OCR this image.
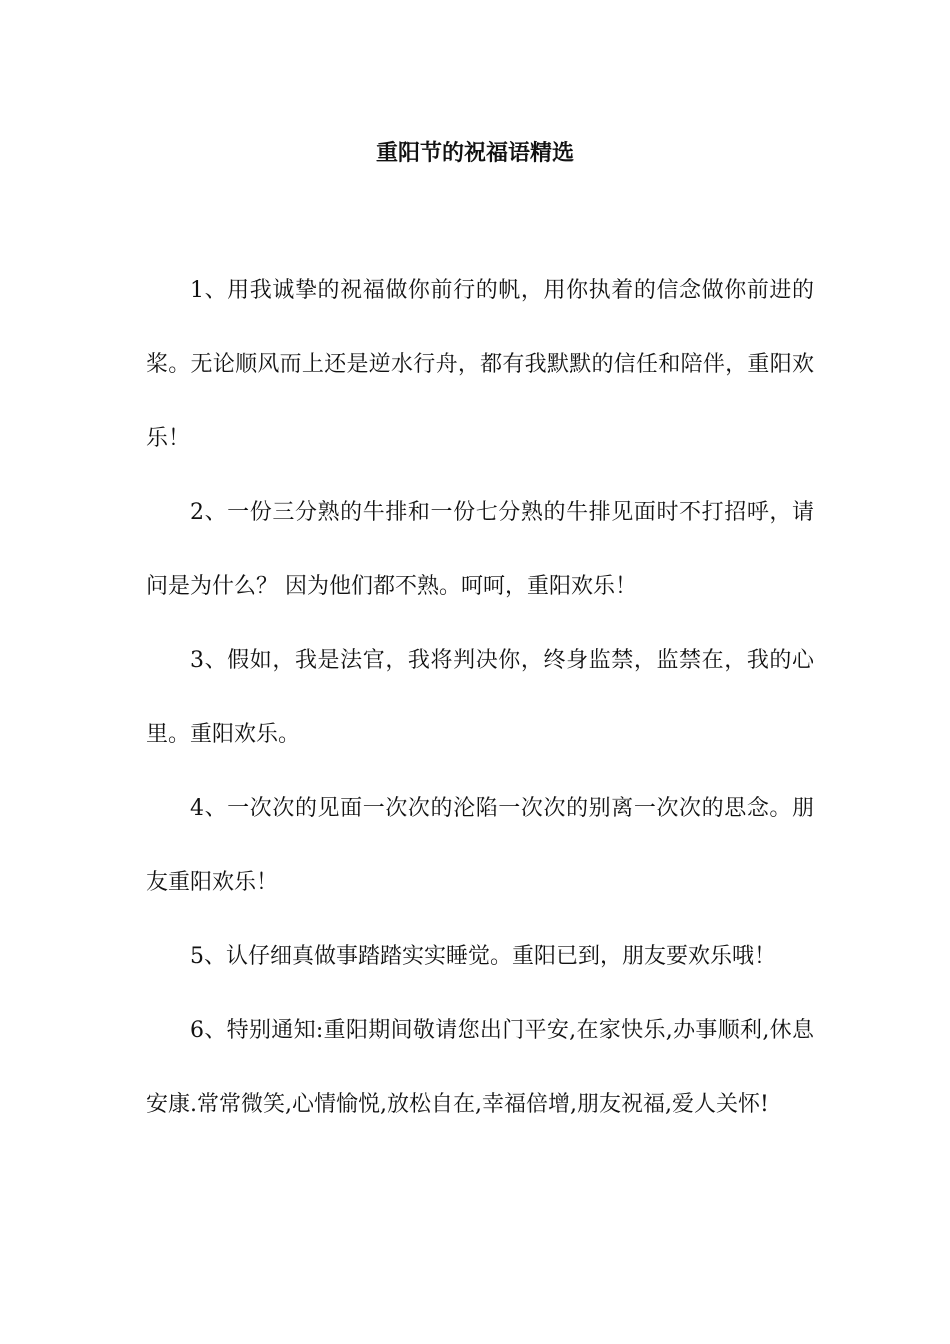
重阳节的祝福语精选

1、用我诚挚的祝福做你前行的帆，用你执着的信念做你前进的桨。无论顺风而上还是逆水行舟，都有我默默的信任和陪伴，重阳欢乐！

2、一份三分熟的牛排和一份七分熟的牛排见面时不打招呼，请问是为什么？ 因为他们都不熟。呵呵，重阳欢乐！

3、假如，我是法官，我将判决你，终身监禁，监禁在，我的心里。重阳欢乐。

4、一次次的见面一次次的沦陷一次次的别离一次次的思念。朋友重阳欢乐！

5、认仔细真做事踏踏实实睡觉。重阳已到，朋友要欢乐哦！

6、特别通知:重阳期间敬请您出门平安,在家快乐,办事顺利,休息安康.常常微笑,心情愉悦,放松自在,幸福倍增,朋友祝福,爱人关怀!
